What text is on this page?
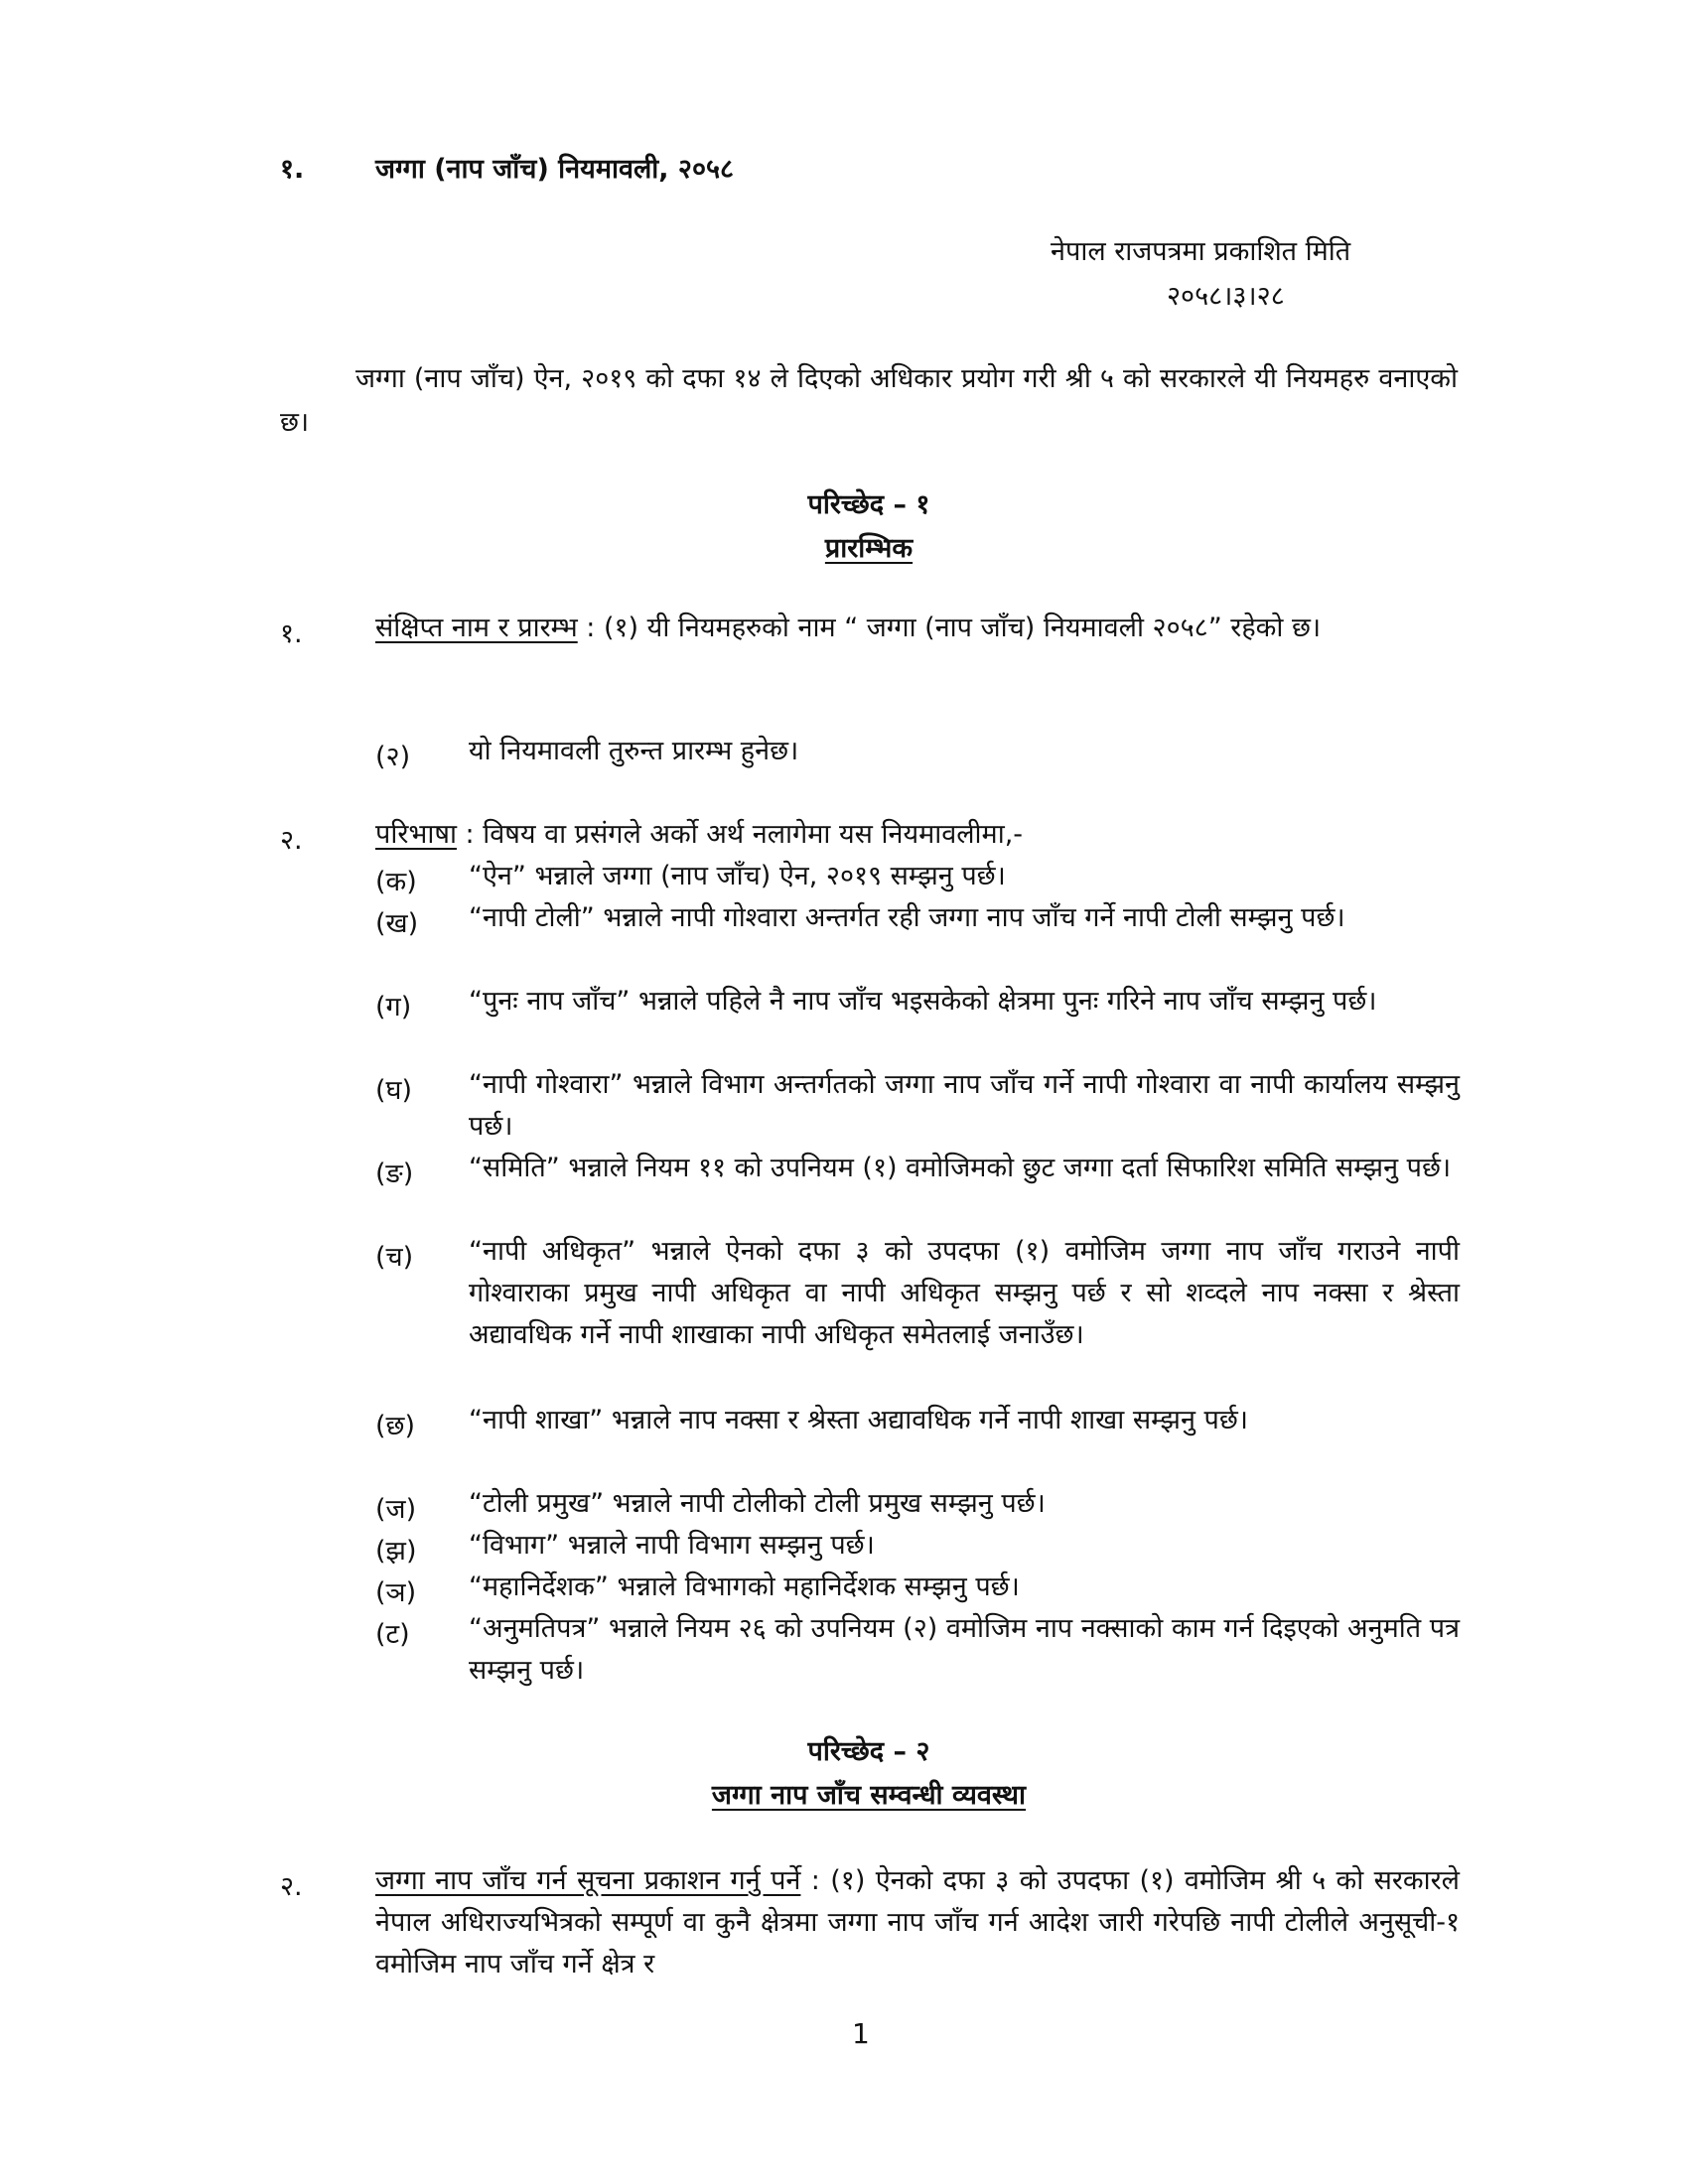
१.	जग्गा (नाप जाँच) नियमावली, २०५८
नेपाल राजपत्रमा प्रकाशित मिति
२०५८।३।२८

जग्गा (नाप जाँच) ऐन, २०१९ को दफा १४ ले दिएको अधिकार प्रयोग गरी श्री ५ को सरकारले यी नियमहरु वनाएको छ।

परिच्छेद – १
प्रारम्भिक
१.	संक्षिप्त नाम र प्रारम्भ : (१) यी नियमहरुको नाम “ जग्गा (नाप जाँच) नियमावली २०५८” रहेको छ।

(२) यो नियमावली तुरुन्त प्रारम्भ हुनेछ।

२.	परिभाषा : विषय वा प्रसंगले अर्को अर्थ नलागेमा यस नियमावलीमा,-

(क) “ऐन” भन्नाले जग्गा (नाप जाँच) ऐन, २०१९ सम्झनु पर्छ।

(ख) “नापी टोली” भन्नाले नापी गोश्वारा अन्तर्गत रही जग्गा नाप जाँच गर्ने नापी टोली सम्झनु पर्छ।

(ग) “पुनः नाप जाँच” भन्नाले पहिले नै नाप जाँच भइसकेको क्षेत्रमा पुनः गरिने नाप जाँच सम्झनु पर्छ।

(घ) “नापी गोश्वारा” भन्नाले विभाग अन्तर्गतको जग्गा नाप जाँच गर्ने नापी गोश्वारा वा नापी कार्यालय सम्झनु पर्छ।

(ङ) “समिति” भन्नाले नियम ११ को उपनियम (१) वमोजिमको छुट जग्गा दर्ता सिफारिश समिति सम्झनु पर्छ।

(च) “नापी अधिकृत” भन्नाले ऐनको दफा ३ को उपदफा (१) वमोजिम जग्गा नाप जाँच गराउने नापी गोश्वाराका प्रमुख नापी अधिकृत वा नापी अधिकृत सम्झनु पर्छ र सो शव्दले नाप नक्सा र श्रेस्ता अद्यावधिक गर्ने नापी शाखाका नापी अधिकृत समेतलाई जनाउँछ।

(छ) “नापी शाखा” भन्नाले नाप नक्सा र श्रेस्ता अद्यावधिक गर्ने नापी शाखा सम्झनु पर्छ।

(ज) “टोली प्रमुख” भन्नाले नापी टोलीको टोली प्रमुख सम्झनु पर्छ।

(झ) “विभाग” भन्नाले नापी विभाग सम्झनु पर्छ।

(ञ) “महानिर्देशक” भन्नाले विभागको महानिर्देशक सम्झनु पर्छ।

(ट) “अनुमतिपत्र” भन्नाले नियम २६ को उपनियम (२) वमोजिम नाप नक्साको काम गर्न दिइएको अनुमति पत्र सम्झनु पर्छ।

परिच्छेद – २
जग्गा नाप जाँच सम्वन्धी व्यवस्था
२.	जग्गा नाप जाँच गर्न सूचना प्रकाशन गर्नु पर्ने : (१) ऐनको दफा ३ को उपदफा (१) वमोजिम श्री ५ को सरकारले नेपाल अधिराज्यभित्रको सम्पूर्ण वा कुनै क्षेत्रमा जग्गा नाप जाँच गर्न आदेश जारी गरेपछि नापी टोलीले अनुसूची-१ वमोजिम नाप जाँच गर्ने क्षेत्र र

1
